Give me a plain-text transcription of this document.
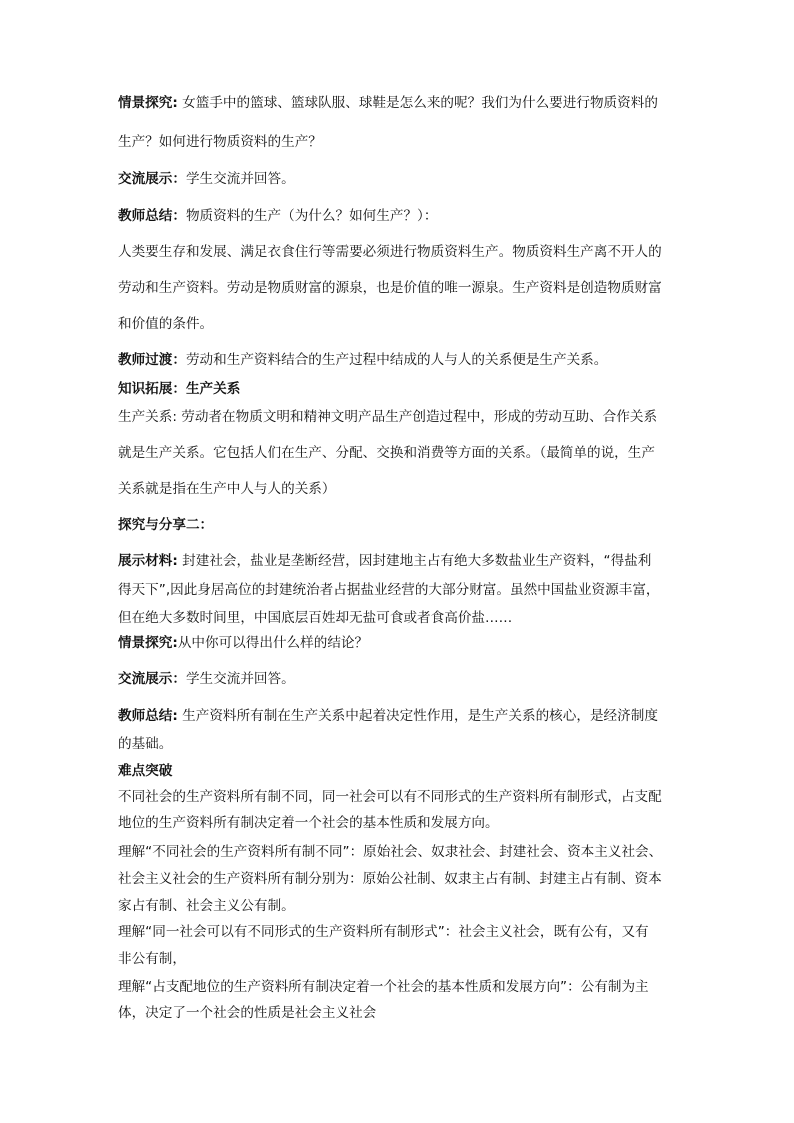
情景探究: 女篮手中的篮球、篮球队服、球鞋是怎么来的呢？我们为什么要进行物质资料的
生产？如何进行物质资料的生产？
交流展示：学生交流并回答。
教师总结：物质资料的生产（为什么？如何生产？）：
人类要生存和发展、满足衣食住行等需要必须进行物质资料生产。物质资料生产离不开人的
劳动和生产资料。劳动是物质财富的源泉，也是价值的唯一源泉。生产资料是创造物质财富
和价值的条件。
教师过渡：劳动和生产资料结合的生产过程中结成的人与人的关系便是生产关系。
知识拓展：生产关系
生产关系: 劳动者在物质文明和精神文明产品生产创造过程中，形成的劳动互助、合作关系
就是生产关系。它包括人们在生产、分配、交换和消费等方面的关系。（最简单的说，生产
关系就是指在生产中人与人的关系）
探究与分享二：
展示材料: 封建社会，盐业是垄断经营，因封建地主占有绝大多数盐业生产资料，“得盐利
得天下”,因此身居高位的封建统治者占据盐业经营的大部分财富。虽然中国盐业资源丰富，
但在绝大多数时间里，中国底层百姓却无盐可食或者食高价盐……
情景探究:从中你可以得出什么样的结论？
交流展示：学生交流并回答。
教师总结: 生产资料所有制在生产关系中起着决定性作用，是生产关系的核心，是经济制度
的基础。
难点突破
不同社会的生产资料所有制不同，同一社会可以有不同形式的生产资料所有制形式，占支配
地位的生产资料所有制决定着一个社会的基本性质和发展方向。
理解“不同社会的生产资料所有制不同”：原始社会、奴隶社会、封建社会、资本主义社会、
社会主义社会的生产资料所有制分别为：原始公社制、奴隶主占有制、封建主占有制、资本
家占有制、社会主义公有制。
理解“同一社会可以有不同形式的生产资料所有制形式”：社会主义社会，既有公有，又有
非公有制，
理解“占支配地位的生产资料所有制决定着一个社会的基本性质和发展方向”：公有制为主
体，决定了一个社会的性质是社会主义社会
